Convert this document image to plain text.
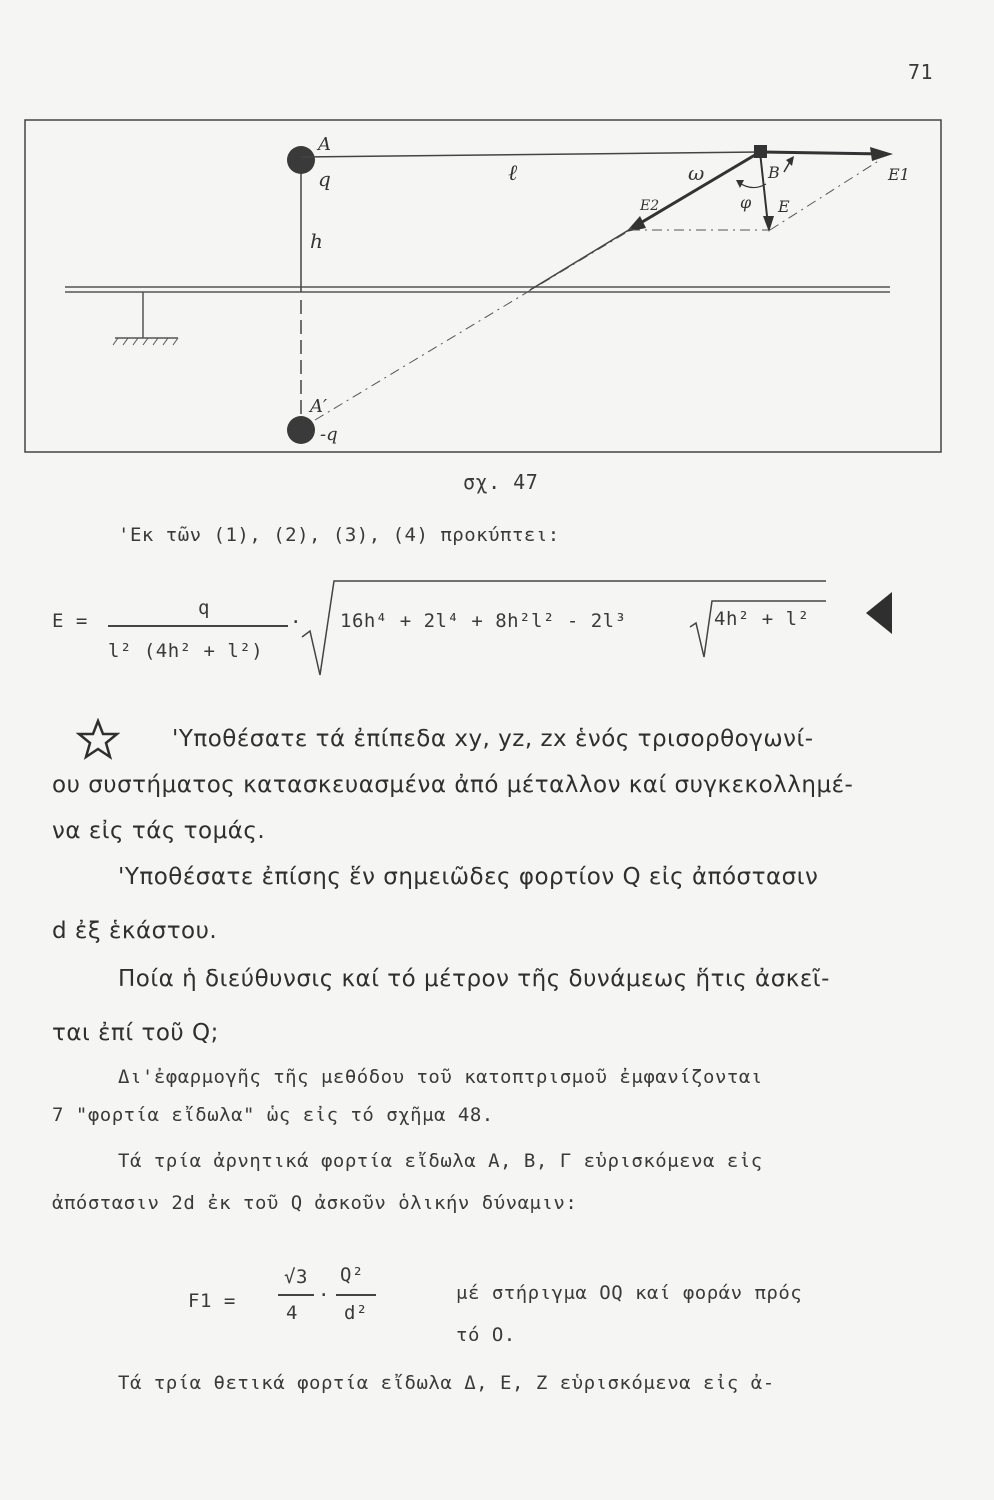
71
A
q
h
ℓ	ω	B	E1
E2	φ E
A′
-q
σχ. 47
'Εκ τῶν (1), (2), (3), (4) προκύπτει:
E =
q
l² (4h² + l²)
· 16h⁴ + 2l⁴ + 8h²l² - 2l³	4h² + l²
'Υποθέσατε τά ἐπίπεδα xy, yz, zx ἑνός τρισορθογωνί-
ου συστήματος κατασκευασμένα ἀπό μέταλλον καί συγκεκολλημέ-
να εἰς τάς τομάς.
'Υποθέσατε ἐπίσης ἕν σημειῶδες φορτίον Q εἰς ἀπόστασιν
d ἐξ ἑκάστου.
Ποία ἡ διεύθυνσις καί τό μέτρον τῆς δυνάμεως ἥτις ἀσκεῖ-
ται ἐπί τοῦ Q;
Δι'ἐφαρμογῆς τῆς μεθόδου τοῦ κατοπτρισμοῦ ἐμφανίζονται
7 "φορτία εἴδωλα" ὡς εἰς τό σχῆμα 48.
Τά τρία ἀρνητικά φορτία εἴδωλα A, B, Γ εὑρισκόμενα εἰς
ἀπόστασιν 2d ἐκ τοῦ Q ἀσκοῦν ὁλικήν δύναμιν:
F1 =
√3
4
·
Q²
d²
μέ στήριγμα OQ καί φοράν πρός
τό O.
Τά τρία θετικά φορτία εἴδωλα Δ, E, Z εὑρισκόμενα εἰς ἀ-
